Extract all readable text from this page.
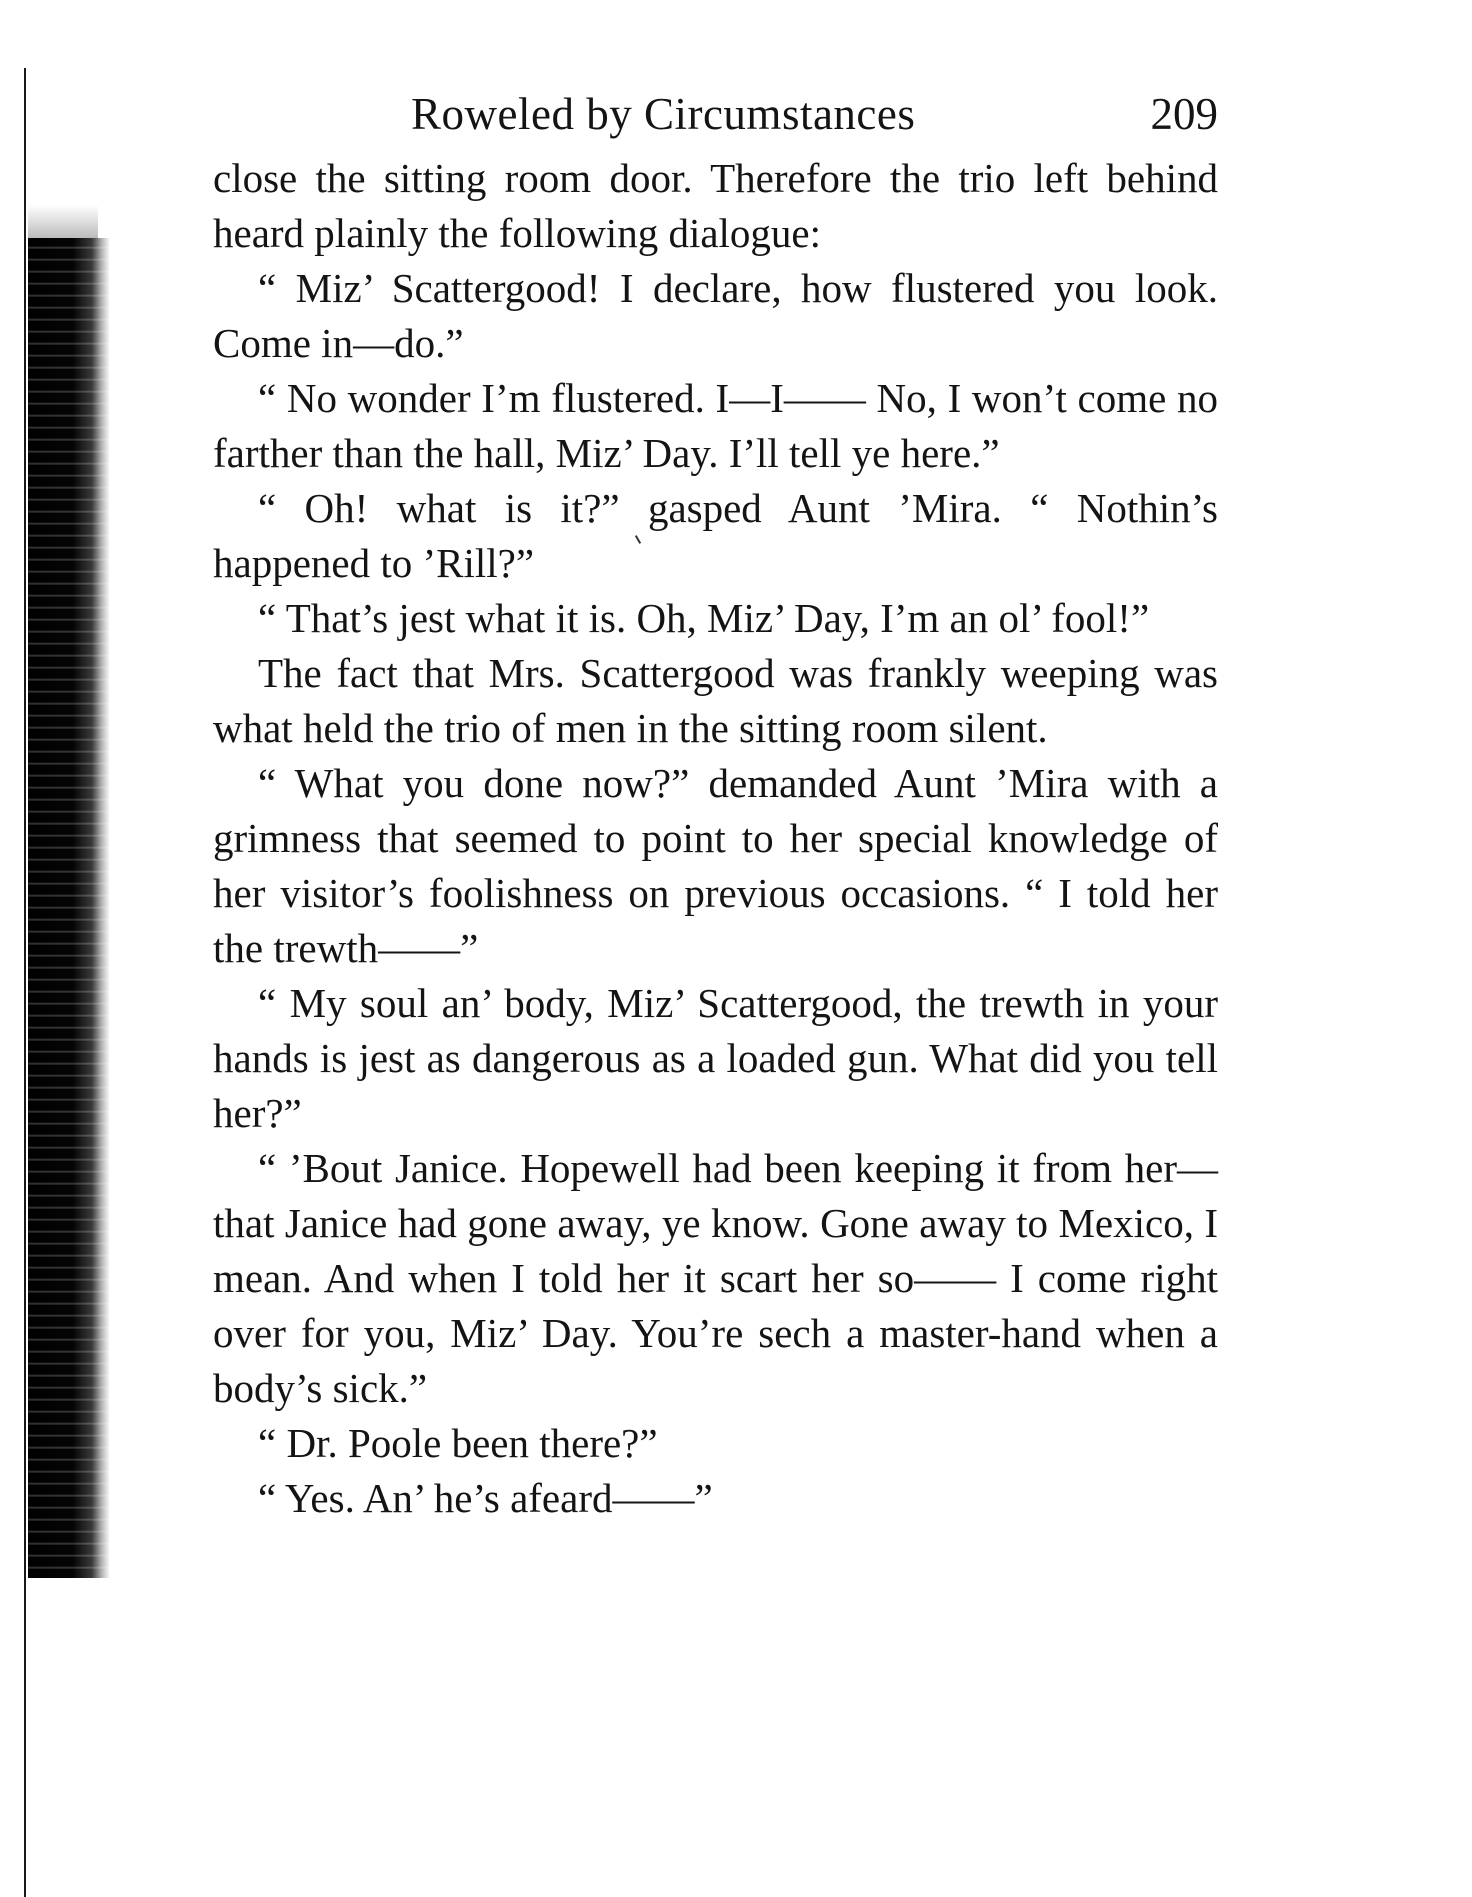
Roweled by Circumstances	209

close the sitting room door. Therefore the trio left behind heard plainly the following dialogue:

“ Miz’ Scattergood! I declare, how flustered you look. Come in—do.”

“ No wonder I’m flustered. I—I—— No, I won’t come no farther than the hall, Miz’ Day. I’ll tell ye here.”

“ Oh! what is it?” gasped Aunt ’Mira. “ Nothin’s happened to ’Rill?”

“ That’s jest what it is. Oh, Miz’ Day, I’m an ol’ fool!”

The fact that Mrs. Scattergood was frankly weeping was what held the trio of men in the sitting room silent.

“ What you done now?” demanded Aunt ’Mira with a grimness that seemed to point to her special knowledge of her visitor’s foolishness on previous occasions. “ I told her the trewth——”

“ My soul an’ body, Miz’ Scattergood, the trewth in your hands is jest as dangerous as a loaded gun. What did you tell her?”

“ ’Bout Janice. Hopewell had been keeping it from her—that Janice had gone away, ye know. Gone away to Mexico, I mean. And when I told her it scart her so—— I come right over for you, Miz’ Day. You’re sech a master-hand when a body’s sick.”

“ Dr. Poole been there?”

“ Yes. An’ he’s afeard——”
